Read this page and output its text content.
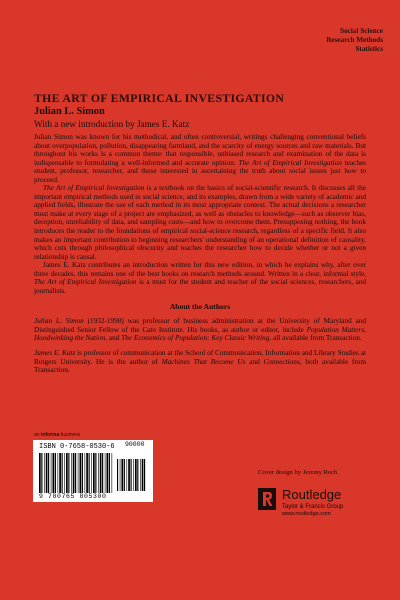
Social Science
Research Methods
Statistics
THE ART OF EMPIRICAL INVESTIGATION
Julian L. Simon
With a new introduction by James E. Katz

Julian Simon was known for his methodical, and often controversial, writings challenging conventional beliefs about overpopulation, pollution, disappearing farmland, and the scarcity of energy sources and raw materials. But throughout his works is a common theme: that responsible, unbiased research and examination of the data is indispensable to formulating a well-informed and accurate opinion. The Art of Empirical Investigation teaches student, professor, researcher, and those interested in ascertaining the truth about social issues just how to proceed.

The Art of Empirical Investigation is a textbook on the basics of social-scientific research. It discusses all the important empirical methods used in social science, and its examples, drawn from a wide variety of academic and applied fields, illustrate the use of each method in its most appropriate context. The actual decisions a researcher must make at every stage of a project are emphasized, as well as obstacles to knowledge—such as observer bias, deception, unreliability of data, and sampling costs—and how to overcome them. Presupposing nothing, the book introduces the reader to the foundations of empirical social-science research, regardless of a specific field. It also makes an important contribution to beginning researchers' understanding of an operational definition of causality, which cuts through philosophical obscurity and teaches the researcher how to decide whether or not a given relationship is causal.

James E. Katz contributes an introduction written for this new edition, in which he explains why, after over three decades, this remains one of the best books on research methods around. Written in a clear, informal style, The Art of Empirical Investigation is a must for the student and teacher of the social sciences, researchers, and journalists.

About the Authors

Julian L. Simon (1932-1998) was professor of business administration at the University of Maryland and Distinguished Senior Fellow of the Cato Institute. His books, as author or editor, include Population Matters, Hoodwinking the Nation, and The Economics of Population: Key Classic Writing, all available from Transaction.

James E. Katz is professor of communication at the School of Communication, Information and Library Studies at Rutgers University. He is the author of Machines That Become Us and Connections, both available from Transaction.

an informa business
ISBN 0-7658-0530-6
9 780765 805300
90000
Cover design by Jeremy Rech
Routledge
Taylor & Francis Group
www.routledge.com
